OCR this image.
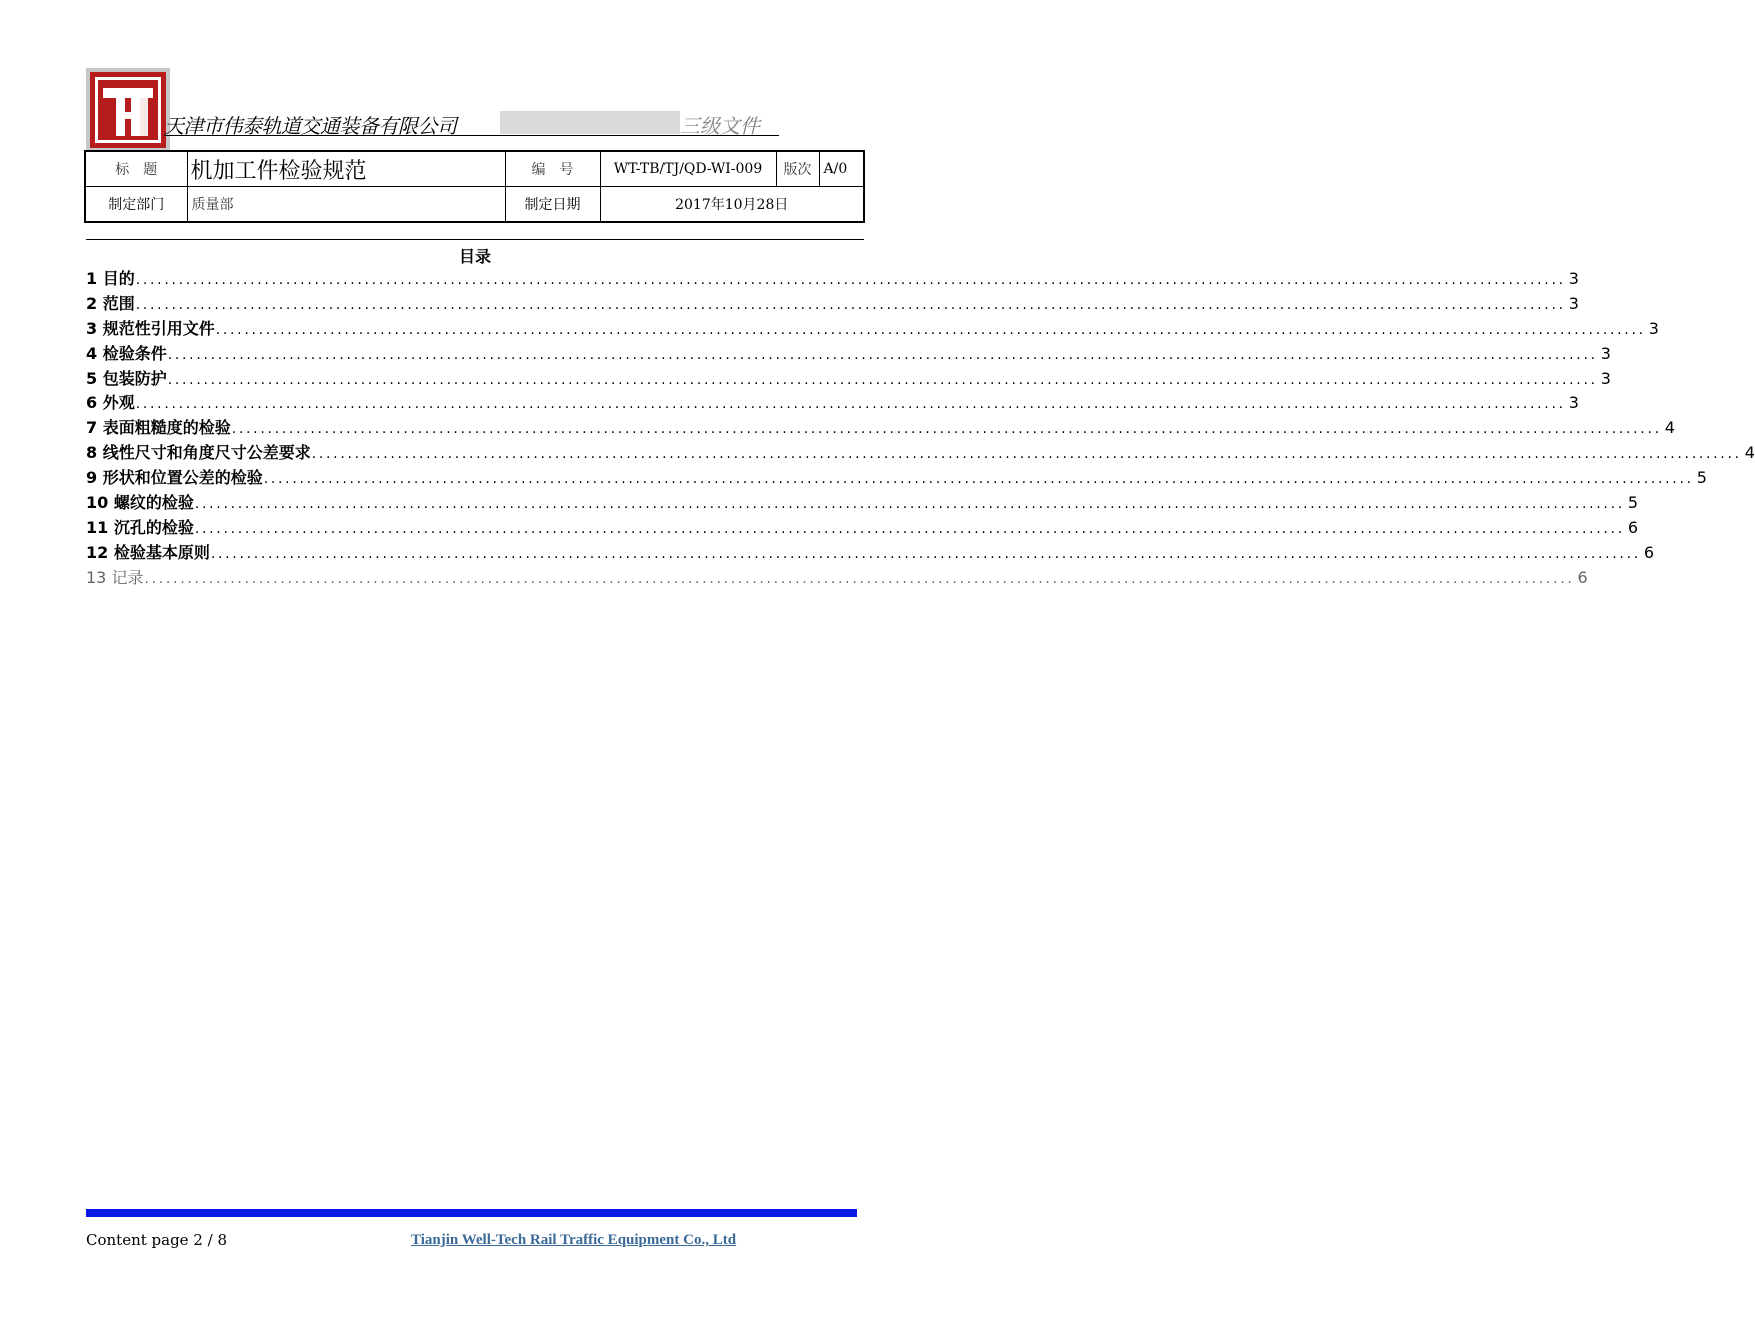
天津市伟泰轨道交通装备有限公司	三级文件
标　题	机加工件检验规范	编　号	WT-TB/TJ/QD-WI-009	版次	A/0
制定部门	质量部	制定日期	2017年10月28日		
目录
1 目的 ........................................................................................................................................................................................................ 3
2 范围 ........................................................................................................................................................................................................ 3
3 规范性引用文件 ........................................................................................................................................................................................................ 3
4 检验条件 ........................................................................................................................................................................................................ 3
5 包装防护 ........................................................................................................................................................................................................ 3
6 外观 ........................................................................................................................................................................................................ 3
7 表面粗糙度的检验 ........................................................................................................................................................................................................ 4
8 线性尺寸和角度尺寸公差要求 ........................................................................................................................................................................................................ 4
9 形状和位置公差的检验 ........................................................................................................................................................................................................ 5
10 螺纹的检验 ........................................................................................................................................................................................................ 5
11 沉孔的检验 ........................................................................................................................................................................................................ 6
12 检验基本原则 ........................................................................................................................................................................................................ 6
13 记录 ........................................................................................................................................................................................................ 6
Content page 2 / 8	Tianjin Well-Tech Rail Traffic Equipment Co., Ltd
